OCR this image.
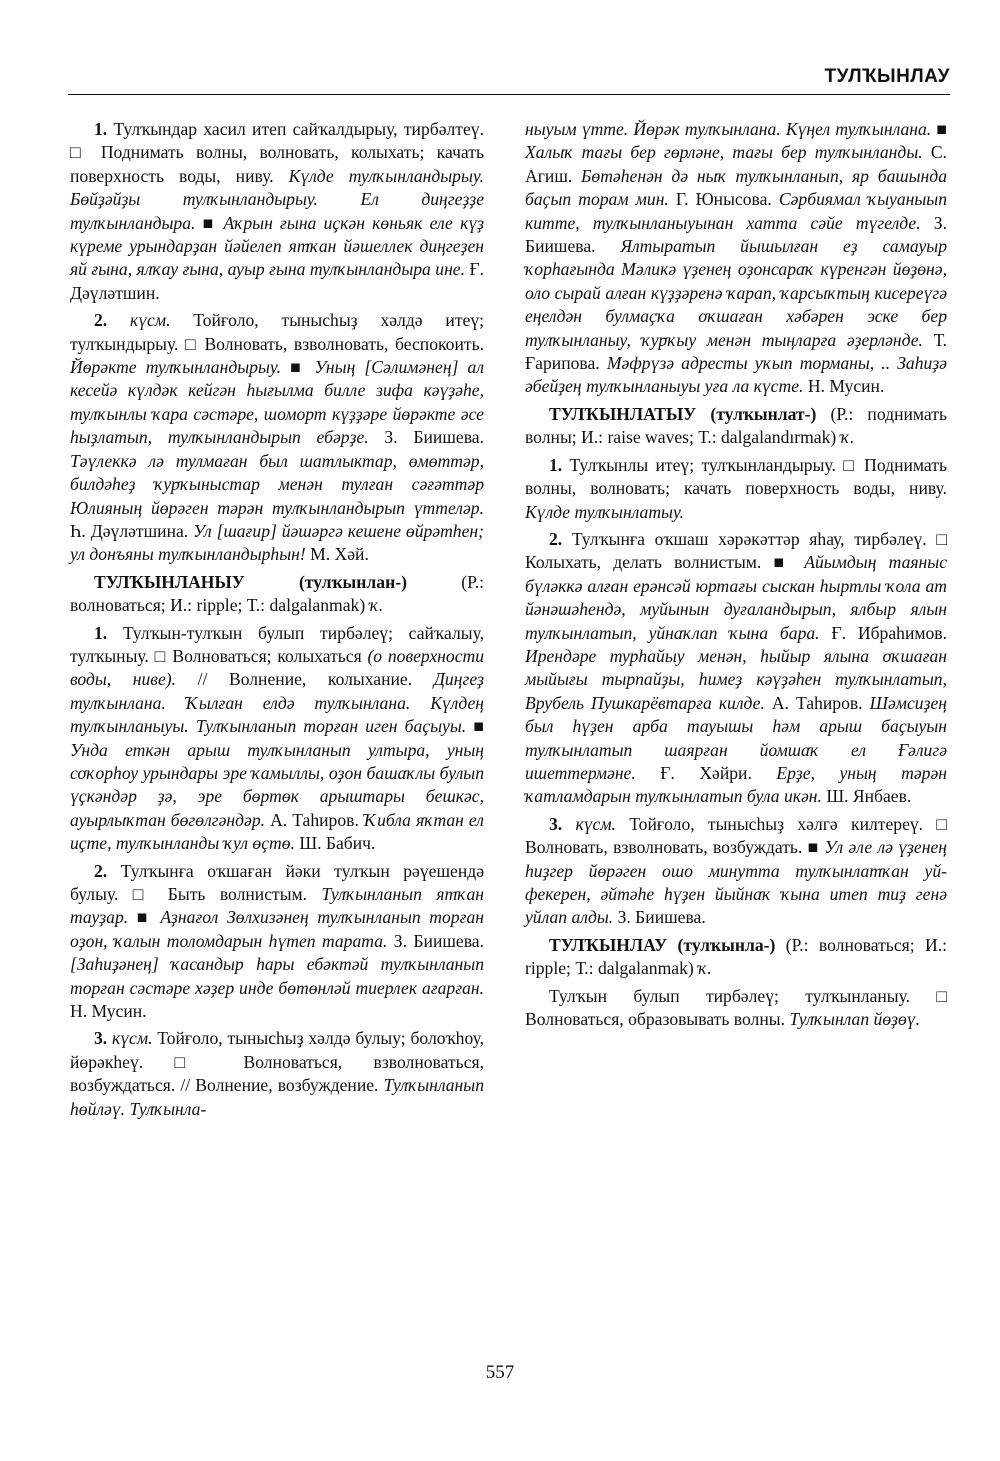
ТУЛҠЫНЛАУ

1. Тулҡындар хасил итеп сайҡалдырыу, тирбәлтеү. □ Поднимать волны, волновать, колыхать; качать поверхность воды, ниву. Күлде тулҡынландырыу. Бөйҙәйҙы тулҡынландырыу. Ел диңгеҙҙе тулҡынландыра. ■ Аҡрын ғына иҫкән көньяк еле күҙ күреме урындарҙан йәйелеп ятҡан йәшеллек диңгеҙен яй ғына, ялҡау ғына, ауыр ғына тулҡынландыра ине. Ғ. Дәүләтшин.

2. күсм. Тойғоло, тынысһыҙ хәлдә итеү; тулҡындырыу. □ Волновать, взволновать, беспокоить. Йөрәкте тулҡынландырыу. ■ Уның [Сәлимәнең] ал кесейә күлдәк кейгән һығылма билле зифа кәүҙәһе, тулҡынлы ҡара сәстәре, шоморт күҙҙәре йөрәкте әсе һыҙлатып, тулҡынландырып ебәрҙе. З. Биишева. Тәүлеккә лә тулмаған был шатлыктар, өмөттәр, билдәһеҙ ҡурҡыныстар менән тулған сәғәттәр Юлияның йөрәген тәрән тулҡынландырып үттеләр. Һ. Дәүләтшина. Ул [шағир] йәшәргә кешене өйрәтһен; ул донъяны тулҡынландырһын! М. Хәй.

ТУЛҠЫНЛАНЫУ (тулҡынлан-) (Р.: волноваться; И.: ripple; Т.: dalgalanmak) ҡ.

1. Тулҡын-тулҡын булып тирбәлеү; сайҡалыу, тулҡыныу. □ Волноваться; колыхаться (о поверхности воды, ниве). // Волнение, колыхание. Диңгеҙ тулҡынлана. Ҡылған елдә тулҡынлана. Күлдең тулҡынланыуы. Тулҡынланып торған иген баҫыуы. ■ Унда еткән арыш тулҡынланып ултыра, уның соҡорһоу урындары эре ҡамыллы, оҙон башаҡлы булып үҫкәндәр ҙә, эре бөртөк арыштары бешкәс, ауырлыҡтан бөгөлгәндәр. А. Таһиров. Ҡибла яҡтан ел иҫте, тулҡынланды ҡул өҫтө. Ш. Бабич.

2. Тулҡынға оҡшаған йәки тулҡын рәүешендә булыу. □ Быть волнистым. Тулҡынланып ятҡан тауҙар. ■ Аҙнағол Зөлхизәнең тулҡынланып торған оҙон, ҡалын толомдарын һүтеп тарата. З. Биишева. [Заһиҙәнең] ҡасандыр һары ебәктәй тулҡынланып торған сәстәре хәҙер инде бөтөнләй тиерлек ағарған. Н. Мусин.

3. күсм. Тойғоло, тынысһыҙ хәлдә булыу; болоҡһоу, йөрәкһеү. □ Волноваться, взволноваться, возбуждаться. // Волнение, возбуждение. Тулҡынланып һөйләү. Тулҡынла-

ныуым үтте. Йөрәк тулҡынлана. Күңел тулҡынлана. ■ Халыҡ тағы бер гөрләне, тағы бер тулҡынланды. С. Агиш. Бөтәһенән дә ныҡ тулҡынланып, яр башында баҫып торам мин. Г. Юнысова. Сәрбиямал ҡыуаныып китте, тулҡынланыуынан хатта сәйе түгелде. З. Биишева. Ялтыратып йышылған еҙ самауыр ҡорһағында Мәликә үҙенең оҙонсараҡ күренгән йөҙөнә, оло сырай алған күҙҙәренә ҡарап, ҡарсыҡтың кисереүгә еңелдән булмаҫҡа оҡшаған хәбәрен эске бер тулҡынланыу, ҡурҡыу менән тыңларға әҙерләнде. Т. Ғарипова. Мәфрүзә адресты уҡып торманы, .. Заһиҙә әбейҙең тулҡынланыуы уға ла күсте. Н. Мусин.

ТУЛҠЫНЛАТЫУ (тулҡынлат-) (Р.: поднимать волны; И.: raise waves; Т.: dalgalandırmak) ҡ.

1. Тулҡынлы итеү; тулҡынландырыу. □ Поднимать волны, волновать; качать поверхность воды, ниву. Күлде тулҡынлатыу.

2. Тулҡынға оҡшаш хәрәкәттәр яһау, тирбәлеү. □ Колыхать, делать волнистым. ■ Айымдың таяныс бүләккә алған ерәнсәй юртағы сыскан һыртлы ҡола ат йәнәшәһендә, муйынын дуғаландырып, ялбыр ялын тулҡынлатып, уйнаҡлап ҡына бара. Ғ. Ибраһимов. Ирендәре турһайыу менән, һыйыр ялына оҡшаған мыйығы тырпайҙы, һимеҙ кәүҙәһен тулҡынлатып, Врубель Пушкарёвтарға килде. А. Таһиров. Шәмсиҙең был һүҙен арба тауышы һәм арыш баҫыуын тулҡынлатып шаярған йомшаҡ ел Ғәлигә ишеттермәне. Ғ. Хәйри. Ерҙе, уның тәрән ҡатламдарын тулҡынлатып була икән. Ш. Янбаев.

3. күсм. Тойғоло, тынысһыҙ хәлгә килтереү. □ Волновать, взволновать, возбуждать. ■ Ул әле лә үҙенең һиҙгер йөрәген ошо минутта тулҡынлатҡан уй-фекерен, әйтәһе һүҙен йыйнаҡ ҡына итеп тиҙ генә уйлап алды. З. Биишева.

ТУЛҠЫНЛАУ (тулҡынла-) (Р.: волноваться; И.: ripple; Т.: dalgalanmak) ҡ.

Тулҡын булып тирбәлеү; тулҡынланыу. □ Волноваться, образовывать волны. Тулҡынлап йөҙөү.

557
